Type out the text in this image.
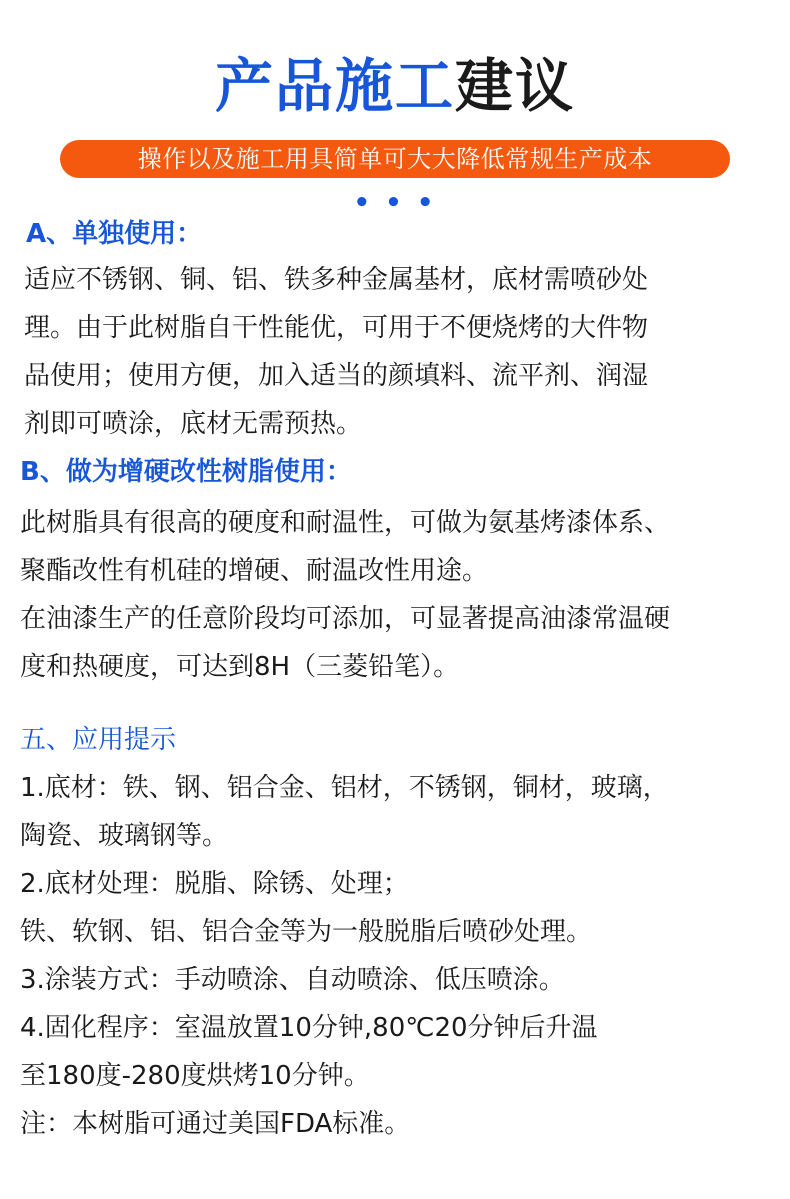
产品施工建议
操作以及施工用具简单可大大降低常规生产成本
• • •
A、单独使用：
适应不锈钢、铜、铝、铁多种金属基材，底材需喷砂处
理。由于此树脂自干性能优，可用于不便烧烤的大件物
品使用；使用方便，加入适当的颜填料、流平剂、润湿
剂即可喷涂，底材无需预热。
B、做为增硬改性树脂使用：
此树脂具有很高的硬度和耐温性，可做为氨基烤漆体系、
聚酯改性有机硅的增硬、耐温改性用途。
在油漆生产的任意阶段均可添加，可显著提高油漆常温硬
度和热硬度，可达到8H（三菱铅笔）。
五、应用提示
1.底材：铁、钢、铝合金、铝材，不锈钢，铜材，玻璃，
陶瓷、玻璃钢等。
2.底材处理：脱脂、除锈、处理；
铁、软钢、铝、铝合金等为一般脱脂后喷砂处理。
3.涂装方式：手动喷涂、自动喷涂、低压喷涂。
4.固化程序：室温放置10分钟,80℃20分钟后升温
至180度-280度烘烤10分钟。
注：本树脂可通过美国FDA标准。
